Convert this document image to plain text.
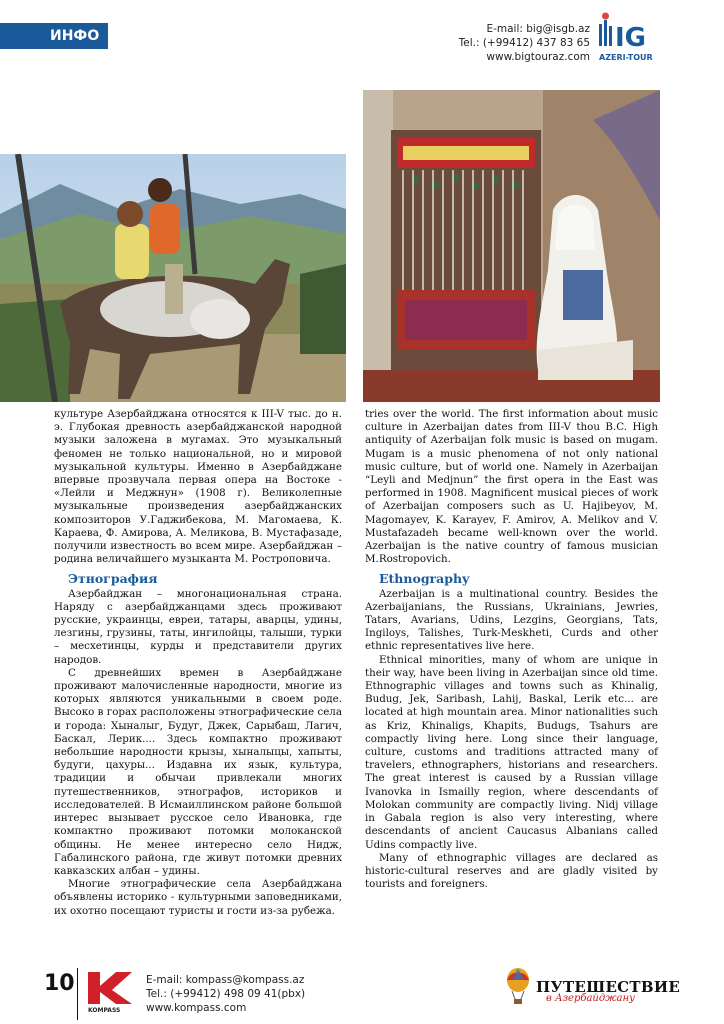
ИНФО	E-mail: big@isgb.az
Tel.: (+99412) 437 83 65
www.bigtouraz.com
IG
AZERI-TOUR

культуре Азербайджана относятся к III-V тыс. до н. э. Глубокая древность азербайджанской народной музыки заложена в мугамах. Это музыкальный феномен не только национальной, но и мировой музыкальной культуры. Именно в Азербайджане впервые прозвучала первая опера на Востоке - «Лейли и Меджнун» (1908 г). Великолепные музыкальные произведения азербайджанских композиторов У.Гаджибекова, М. Магомаева, К. Караева, Ф. Амирова, А. Меликова, В. Мустафазаде, получили известность во всем мире. Азербайджан – родина величайшего музыканта М. Ростроповича.

Этнография

Азербайджан – многонациональная страна. Наряду с азербайджанцами здесь проживают русские, украинцы, евреи, татары, аварцы, удины, лезгины, грузины, таты, ингилойцы, талыши, турки – месхетинцы, курды и представители других народов.

С древнейших времен в Азербайджане проживают малочисленные народности, многие из которых являются уникальными в своем роде. Высоко в горах расположены этнографические села и города: Хыналыг, Будуг, Джек, Сарыбаш, Лагич, Баскал, Лерик.... Здесь компактно проживают небольшие народности крызы, хыналыцы, хапыты, будуги, цахуры... Издавна их язык, культура, традиции и обычаи привлекали многих путешественников, этнографов, историков и исследователей. В Исмаиллинском районе большой интерес вызывает русское село Ивановка, где компактно проживают потомки молоканской общины. Не менее интересно село Нидж, Габалинского района, где живут потомки древних кавказских албан – удины.

Многие этнографические села Азербайджана объявлены историко - культурными заповедниками, их охотно посещают туристы и гости из-за рубежа.

tries over the world. The first information about music culture in Azerbaijan dates from III-V thou B.C. High antiquity of Azerbaijan folk music is based on mugam. Mugam is a music phenomena of not only national music culture, but of world one. Namely in Azerbaijan “Leyli and Medjnun” the first opera in the East was performed in 1908. Magnificent musical pieces of work of Azerbaijan composers such as U. Hajibeyov, M. Magomayev, K. Karayev, F. Amirov, A. Melikov and V. Mustafazadeh became well-known over the world. Azerbaijan is the native country of famous musician M.Rostropovich.

Ethnography

Azerbaijan is a multinational country. Besides the Azerbaijanians, the Russians, Ukrainians, Jewries, Tatars, Avarians, Udins, Lezgins, Georgians, Tats, Ingiloys, Talishes, Turk-Meskheti, Curds and other ethnic representatives live here.

Ethnical minorities, many of whom are unique in their way, have been living in Azerbaijan since old time. Ethnographic villages and towns such as Khinalig, Budug, Jek, Saribash, Lahij, Baskal, Lerik etc... are located at high mountain area. Minor nationalities such as Kriz, Khinaligs, Khapits, Budugs, Tsahurs are compactly living here. Long since their language, culture, customs and traditions attracted many of travelers, ethnographers, historians and researchers. The great interest is caused by a Russian village Ivanovka in Ismailly region, where descendants of Molokan community are compactly living. Nidj village in Gabala region is also very interesting, where descendants of ancient Caucasus Albanians called Udins compactly live.

Many of ethnographic villages are declared as historic-cultural reserves and are gladly visited by tourists and foreigners.

10
KOMPASS
E-mail: kompass@kompass.az
Tel.: (+99412) 498 09 41(pbx)
www.kompass.com
ПУТЕШЕСТВИЕ
в Азербайджану
